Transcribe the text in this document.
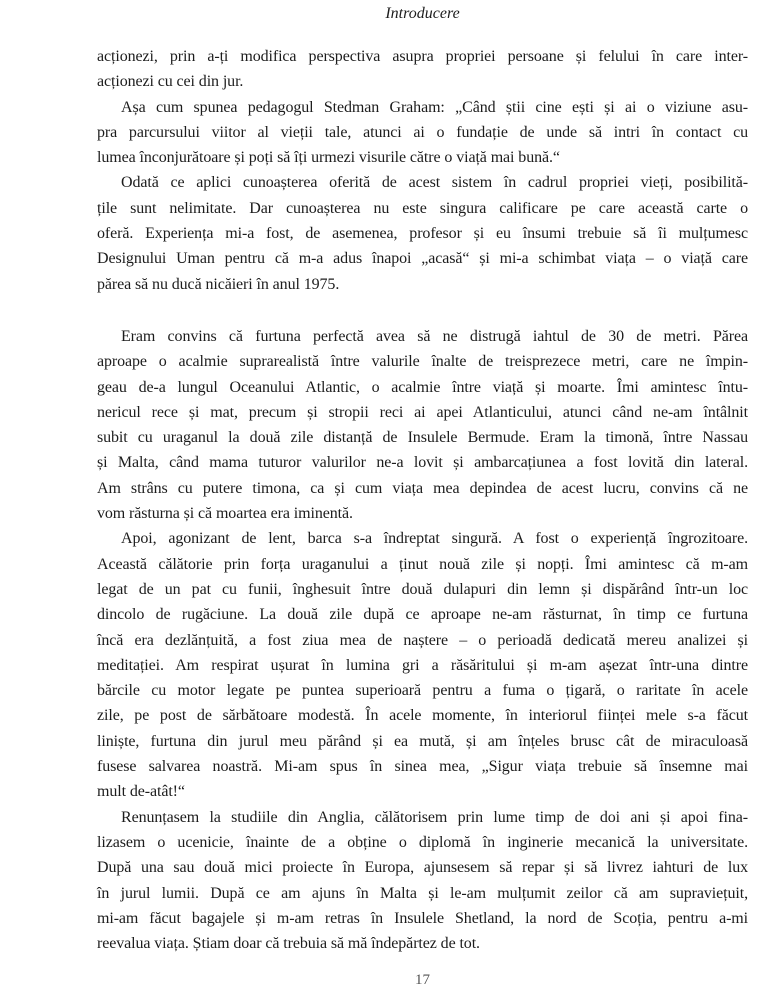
Introducere
acționezi, prin a-ți modifica perspectiva asupra propriei persoane și felului în care inter-
acționezi cu cei din jur.
Așa cum spunea pedagogul Stedman Graham: „Când știi cine ești și ai o viziune asu-
pra parcursului viitor al vieții tale, atunci ai o fundație de unde să intri în contact cu
lumea înconjurătoare și poți să îți urmezi visurile către o viață mai bună.“
Odată ce aplici cunoașterea oferită de acest sistem în cadrul propriei vieți, posibilită-
țile sunt nelimitate. Dar cunoașterea nu este singura calificare pe care această carte o
oferă. Experiența mi-a fost, de asemenea, profesor și eu însumi trebuie să îi mulțumesc
Designului Uman pentru că m-a adus înapoi „acasă“ și mi-a schimbat viața – o viață care
părea să nu ducă nicăieri în anul 1975.
Eram convins că furtuna perfectă avea să ne distrugă iahtul de 30 de metri. Părea
aproape o acalmie suprarealistă între valurile înalte de treisprezece metri, care ne împin-
geau de-a lungul Oceanului Atlantic, o acalmie între viață și moarte. Îmi amintesc întu-
nericul rece și mat, precum și stropii reci ai apei Atlanticului, atunci când ne-am întâlnit
subit cu uraganul la două zile distanță de Insulele Bermude. Eram la timonă, între Nassau
și Malta, când mama tuturor valurilor ne-a lovit și ambarcațiunea a fost lovită din lateral.
Am strâns cu putere timona, ca și cum viața mea depindea de acest lucru, convins că ne
vom răsturna și că moartea era iminentă.
Apoi, agonizant de lent, barca s-a îndreptat singură. A fost o experiență îngrozitoare.
Această călătorie prin forța uraganului a ținut nouă zile și nopți. Îmi amintesc că m-am
legat de un pat cu funii, înghesuit între două dulapuri din lemn și dispărând într-un loc
dincolo de rugăciune. La două zile după ce aproape ne-am răsturnat, în timp ce furtuna
încă era dezlănțuită, a fost ziua mea de naștere – o perioadă dedicată mereu analizei și
meditației. Am respirat ușurat în lumina gri a răsăritului și m-am așezat într-una dintre
bărcile cu motor legate pe puntea superioară pentru a fuma o țigară, o raritate în acele
zile, pe post de sărbătoare modestă. În acele momente, în interiorul ființei mele s-a făcut
liniște, furtuna din jurul meu părând și ea mută, și am înțeles brusc cât de miraculoasă
fusese salvarea noastră. Mi-am spus în sinea mea, „Sigur viața trebuie să însemne mai
mult de-atât!“
Renunțasem la studiile din Anglia, călătorisem prin lume timp de doi ani și apoi fina-
lizasem o ucenicie, înainte de a obține o diplomă în inginerie mecanică la universitate.
După una sau două mici proiecte în Europa, ajunsesem să repar și să livrez iahturi de lux
în jurul lumii. După ce am ajuns în Malta și le-am mulțumit zeilor că am supraviețuit,
mi-am făcut bagajele și m-am retras în Insulele Shetland, la nord de Scoția, pentru a-mi
reevalua viața. Știam doar că trebuia să mă îndepărtez de tot.
17
